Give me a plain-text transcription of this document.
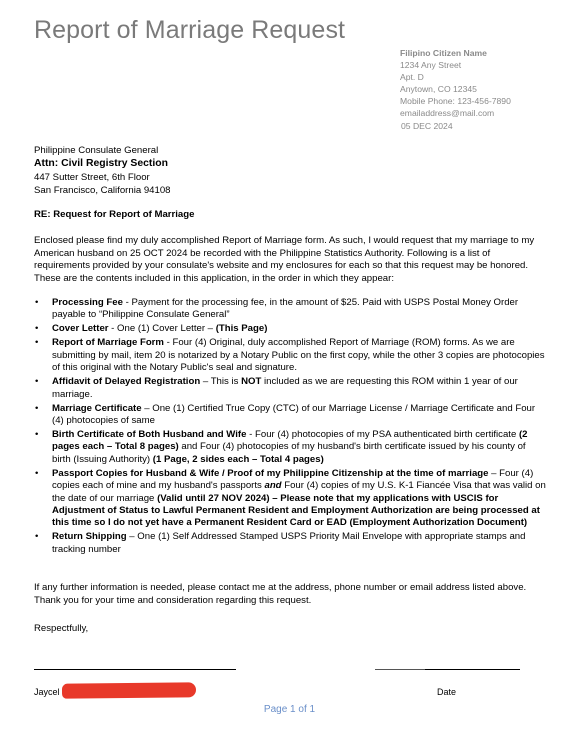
Report of Marriage Request
Filipino Citizen Name
1234 Any Street
Apt. D
Anytown, CO 12345
Mobile Phone: 123-456-7890
emailaddress@mail.com
05 DEC 2024
Philippine Consulate General
Attn: Civil Registry Section
447 Sutter Street, 6th Floor
San Francisco, California 94108
RE: Request for Report of Marriage
Enclosed please find my duly accomplished Report of Marriage form. As such, I would request that my marriage to my American husband on 25 OCT 2024 be recorded with the Philippine Statistics Authority. Following is a list of requirements provided by your consulate's website and my enclosures for each so that this request may be honored. These are the contents included in this application, in the order in which they appear:
• Processing Fee - Payment for the processing fee, in the amount of $25. Paid with USPS Postal Money Order payable to “Philippine Consulate General”
• Cover Letter - One (1) Cover Letter – (This Page)
• Report of Marriage Form - Four (4) Original, duly accomplished Report of Marriage (ROM) forms. As we are submitting by mail, item 20 is notarized by a Notary Public on the first copy, while the other 3 copies are photocopies of this original with the Notary Public's seal and signature.
• Affidavit of Delayed Registration – This is NOT included as we are requesting this ROM within 1 year of our marriage.
• Marriage Certificate – One (1) Certified True Copy (CTC) of our Marriage License / Marriage Certificate and Four (4) photocopies of same
• Birth Certificate of Both Husband and Wife - Four (4) photocopies of my PSA authenticated birth certificate (2 pages each – Total 8 pages) and Four (4) photocopies of my husband's birth certificate issued by his county of birth (Issuing Authority) (1 Page, 2 sides each – Total 4 pages)
• Passport Copies for Husband & Wife / Proof of my Philippine Citizenship at the time of marriage – Four (4) copies each of mine and my husband's passports and Four (4) copies of my U.S. K-1 Fiancée Visa that was valid on the date of our marriage (Valid until 27 NOV 2024) – Please note that my applications with USCIS for Adjustment of Status to Lawful Permanent Resident and Employment Authorization are being processed at this time so I do not yet have a Permanent Resident Card or EAD (Employment Authorization Document)
• Return Shipping – One (1) Self Addressed Stamped USPS Priority Mail Envelope with appropriate stamps and tracking number
If any further information is needed, please contact me at the address, phone number or email address listed above. Thank you for your time and consideration regarding this request.
Respectfully,
Jaycel	Date
Page 1 of 1
